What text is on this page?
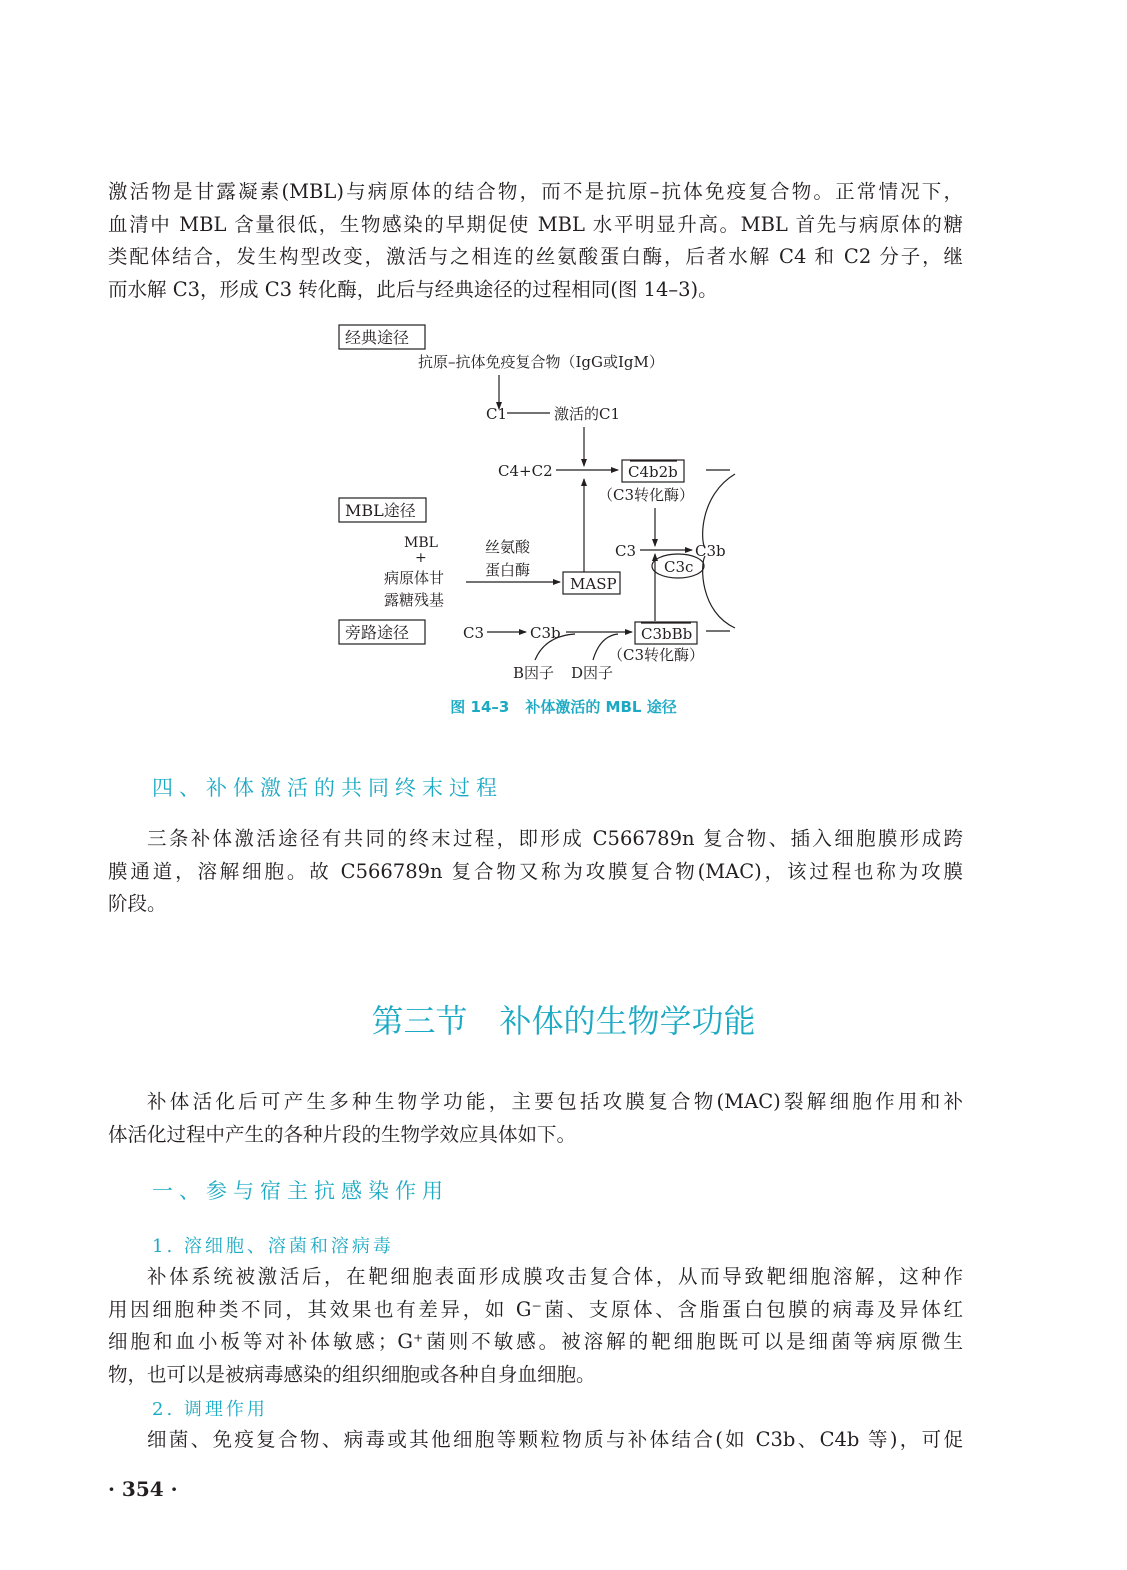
激活物是甘露凝素(MBL)与病原体的结合物，而不是抗原–抗体免疫复合物。正常情况下，
血清中 MBL 含量很低，生物感染的早期促使 MBL 水平明显升高。MBL 首先与病原体的糖
类配体结合，发生构型改变，激活与之相连的丝氨酸蛋白酶，后者水解 C4 和 C2 分子，继
而水解 C3，形成 C3 转化酶，此后与经典途径的过程相同(图 14–3)。
经典途径
抗原–抗体免疫复合物（IgG或IgM）
C1	激活的C1
C4+C2	C4b2b
（C3转化酶）
MBL途径
MBL
+
病原体甘
露糖残基
丝氨酸
蛋白酶
MASP
C3	C3b
C3c
旁路途径	C3	C3b	C3bBb
（C3转化酶）
B因子 D因子
图 14–3 补体激活的 MBL 途径
四、补体激活的共同终末过程
三条补体激活途径有共同的终末过程，即形成 C566789n 复合物、插入细胞膜形成跨
膜通道，溶解细胞。故 C566789n 复合物又称为攻膜复合物(MAC)，该过程也称为攻膜
阶段。
第三节　补体的生物学功能
补体活化后可产生多种生物学功能，主要包括攻膜复合物(MAC)裂解细胞作用和补
体活化过程中产生的各种片段的生物学效应具体如下。
一、参与宿主抗感染作用
1. 溶细胞、溶菌和溶病毒
补体系统被激活后，在靶细胞表面形成膜攻击复合体，从而导致靶细胞溶解，这种作
用因细胞种类不同，其效果也有差异，如 G⁻菌、支原体、含脂蛋白包膜的病毒及异体红
细胞和血小板等对补体敏感；G⁺菌则不敏感。被溶解的靶细胞既可以是细菌等病原微生
物，也可以是被病毒感染的组织细胞或各种自身血细胞。
2. 调理作用
细菌、免疫复合物、病毒或其他细胞等颗粒物质与补体结合(如 C3b、C4b 等)，可促
· 354 ·
